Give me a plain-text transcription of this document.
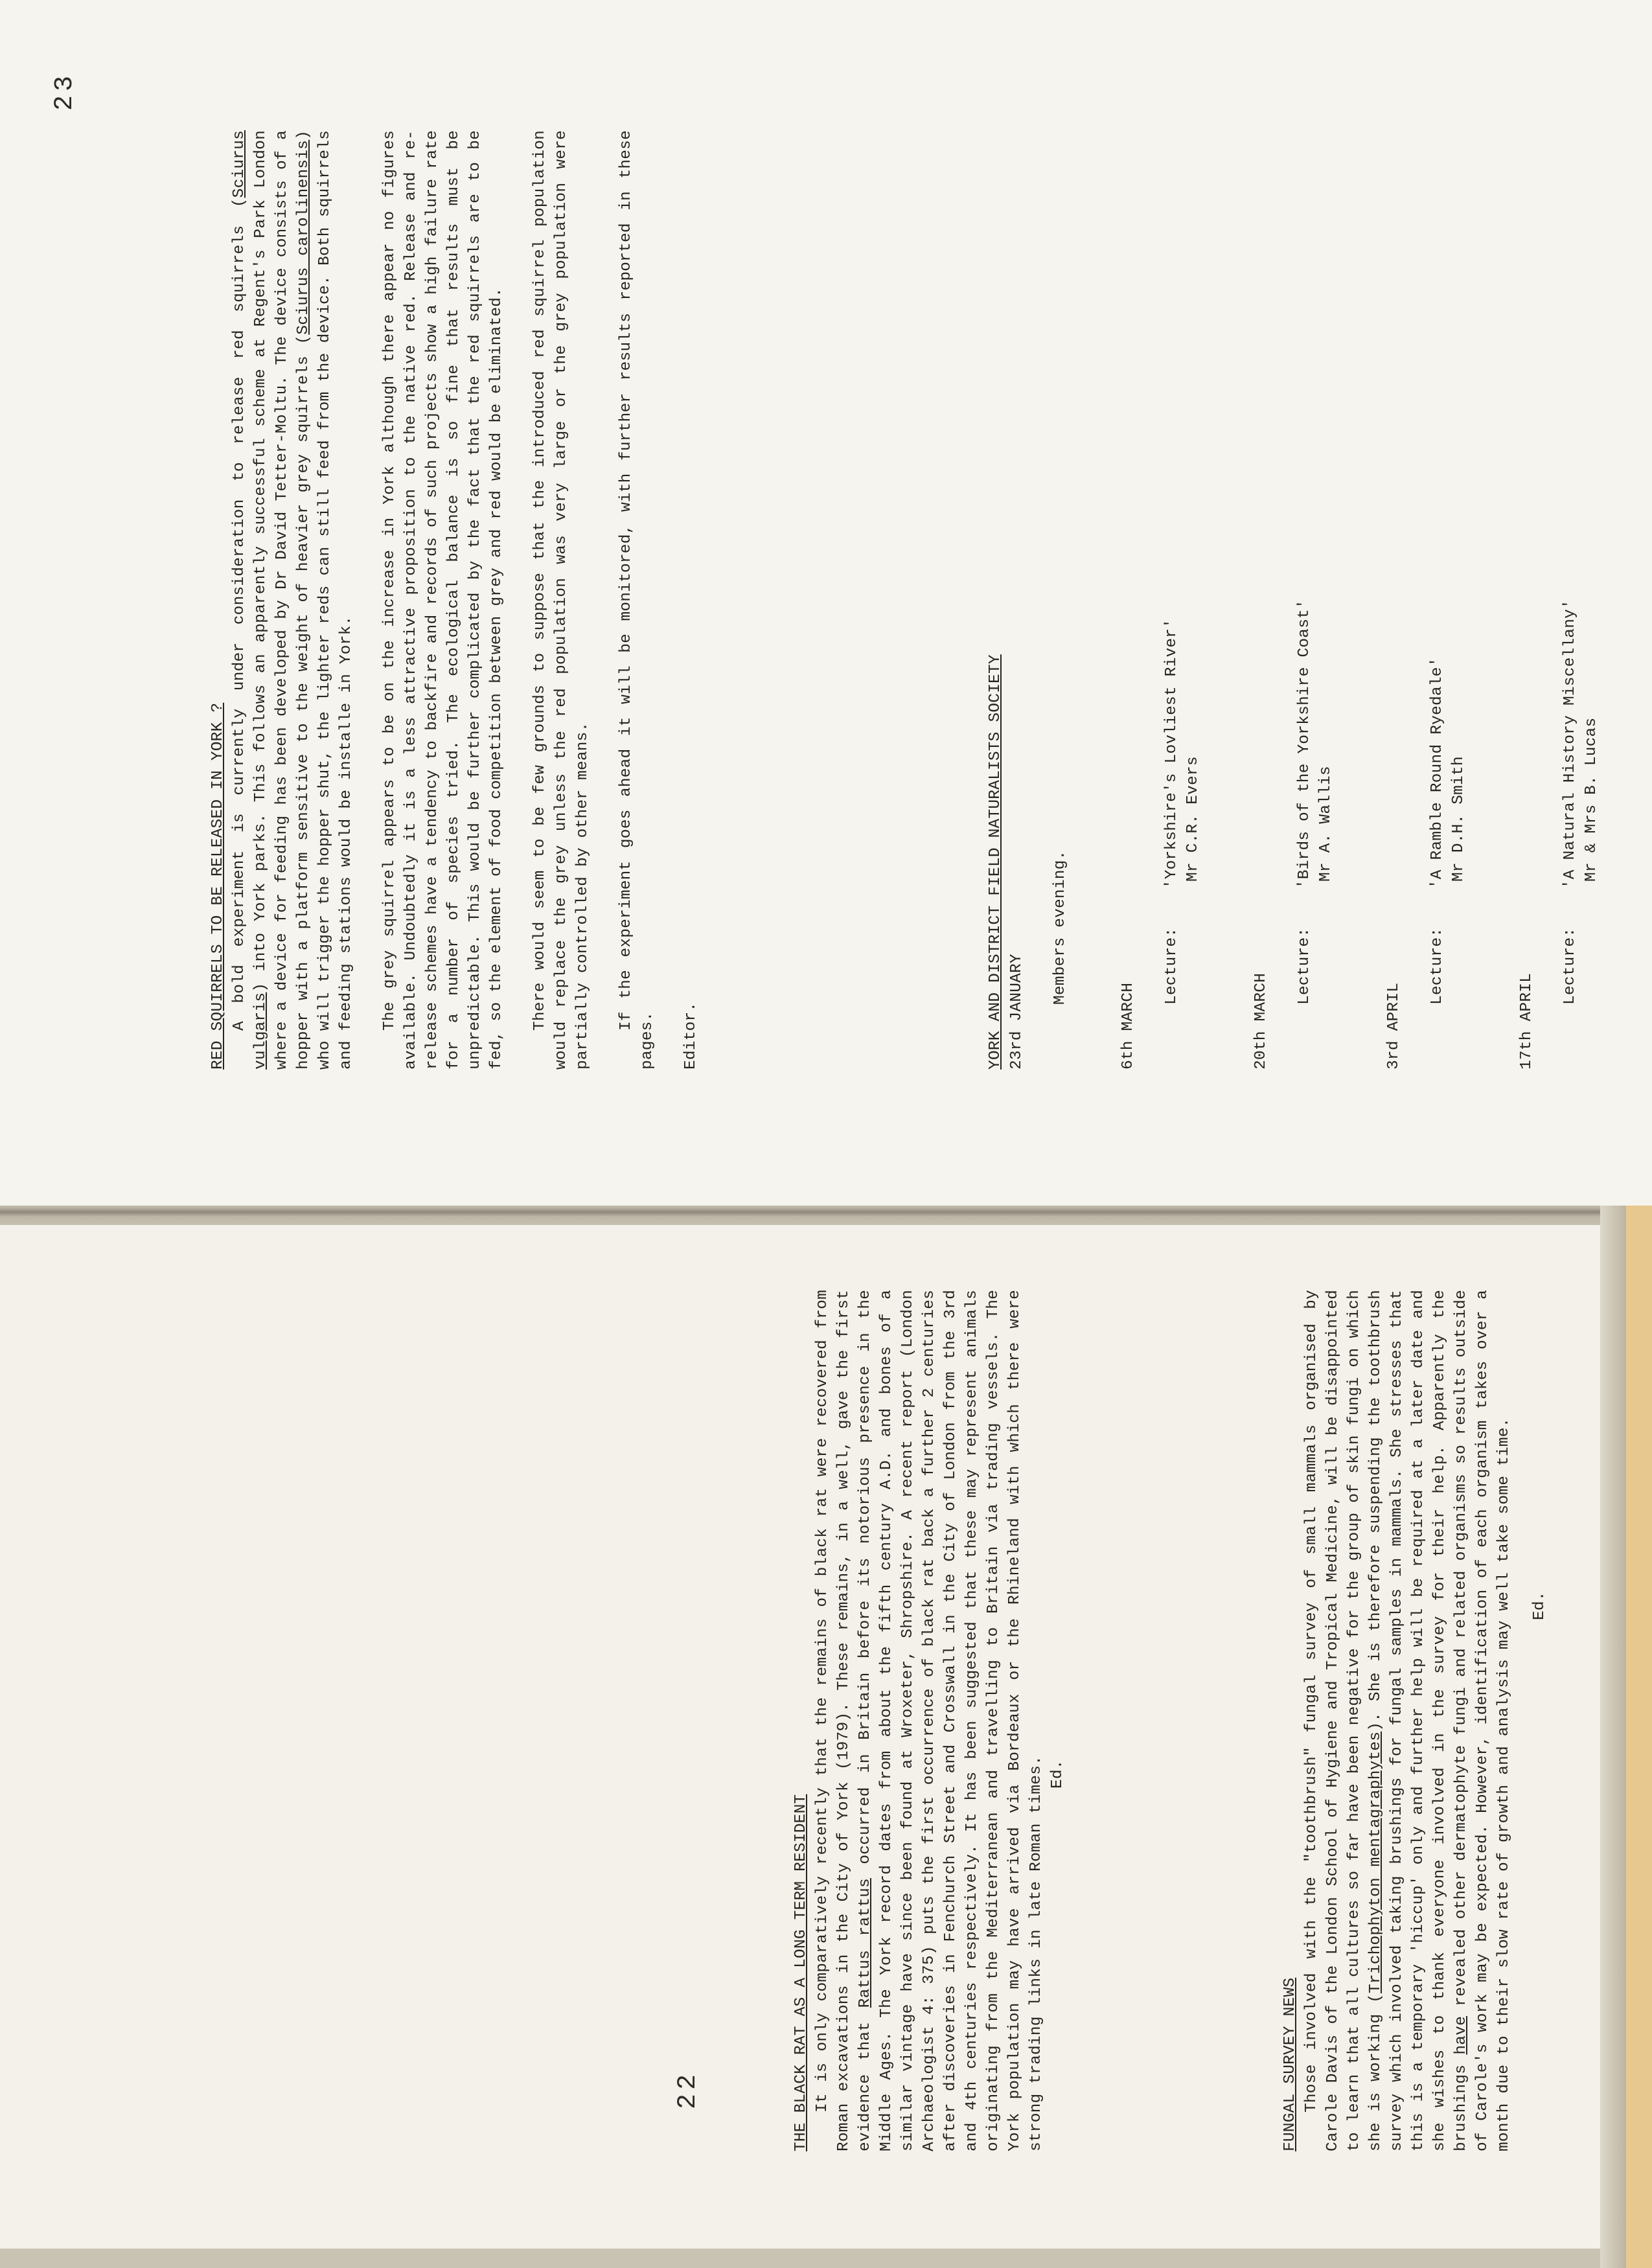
22	THE BLACK RAT AS A LONG TERM RESIDENT It is only comparatively recently that the remains of black rat were recovered from Roman excavations in the City of York (1979). These remains, in a well, gave the first evidence that Rattus rattus occurred in Britain before its notorious presence in the Middle Ages. The York record dates from about the fifth century A.D. and bones of a similar vintage have since been found at Wroxeter, Shropshire. A recent report (London Archaeologist 4: 375) puts the first occurrence of black rat back a further 2 centuries after discoveries in Fenchurch Street and Crosswall in the City of London from the 3rd and 4th centuries respectively. It has been suggested that these may represent animals originating from the Mediterranean and travelling to Britain via trading vessels. The York population may have arrived via Bordeaux or the Rhineland with which there were strong trading links in late Roman times. Ed.

FUNGAL SURVEY NEWS Those involved with the "toothbrush" fungal survey of small mammals organised by Carole Davis of the London School of Hygiene and Tropical Medicine, will be disappointed to learn that all cultures so far have been negative for the group of skin fungi on which she is working (Trichophyton mentagraphytes). She is therefore suspending the toothbrush survey which involved taking brushings for fungal samples in mammals. She stresses that this is a temporary 'hiccup' only and further help will be required at a later date and she wishes to thank everyone involved in the survey for their help. Apparently the brushings have revealed other dermatophyte fungi and related organisms so results outside of Carole's work may be expected. However, identification of each organism takes over a month due to their slow rate of growth and analysis may well take some time. Ed.

23

RED SQUIRRELS TO BE RELEASED IN YORK ? A bold experiment is currently under consideration to release red squirrels (Sciurus vulgaris) into York parks. This follows an apparently successful scheme at Regent's Park London where a device for feeding has been developed by Dr David Tetter-Moltu. The device consists of a hopper with a platform sensitive to the weight of heavier grey squirrels (Sciurus carolinensis) who will trigger the hopper shut, the lighter reds can still feed from the device. Both squirrels and feeding stations would be installe in York. The grey squirrel appears to be on the increase in York although there appear no figures available. Undoubtedly it is a less attractive proposition to the native red. Release and re-release schemes have a tendency to backfire and records of such projects show a high failure rate for a number of species tried. The ecological balance is so fine that results must be unpredictable. This would be further complicated by the fact that the red squirrels are to be fed, so the element of food competition between grey and red would be eliminated. There would seem to be few grounds to suppose that the introduced red squirrel population would replace the grey unless the red population was very large or the grey population were partially controlled by other means. If the experiment goes ahead it will be monitored, with further results reported in these pages. Editor.	YORK AND DISTRICT FIELD NATURALISTS SOCIETY 23rd JANUARY

Members evening.

6th MARCH

Lecture:    'Yorkshire's Lovliest River' Mr C.R. Evers

20th MARCH

Lecture:    'Birds of the Yorkshire Coast' Mr A. Wallis

3rd APRIL

Lecture:    'A Ramble Round Ryedale' Mr D.H. Smith

17th APRIL

Lecture:    'A Natural History Miscellany' Mr & Mrs B. Lucas
